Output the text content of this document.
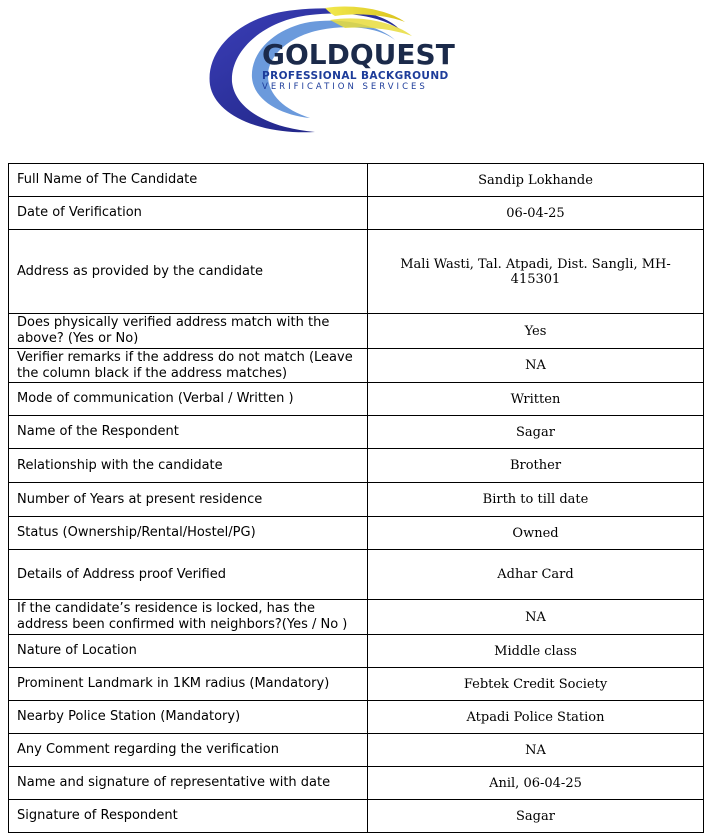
GOLDQUEST
PROFESSIONAL BACKGROUND
VERIFICATION SERVICES
Full Name of The Candidate	Sandip Lokhande
Date of Verification	06-04-25
Address as provided by the candidate	Mali Wasti, Tal. Atpadi, Dist. Sangli, MH-415301
Does physically verified address match with the above? (Yes or No)	Yes
Verifier remarks if the address do not match (Leave the column black if the address matches)	NA
Mode of communication (Verbal / Written )	Written
Name of the Respondent	Sagar
Relationship with the candidate	Brother
Number of Years at present residence	Birth to till date
Status (Ownership/Rental/Hostel/PG)	Owned
Details of Address proof Verified	Adhar Card
If the candidate’s residence is locked, has the address been confirmed with neighbors?(Yes / No )	NA
Nature of Location	Middle class
Prominent Landmark in 1KM radius (Mandatory)	Febtek Credit Society
Nearby Police Station (Mandatory)	Atpadi Police Station
Any Comment regarding the verification	NA
Name and signature of representative with date	Anil, 06-04-25
Signature of Respondent	Sagar
